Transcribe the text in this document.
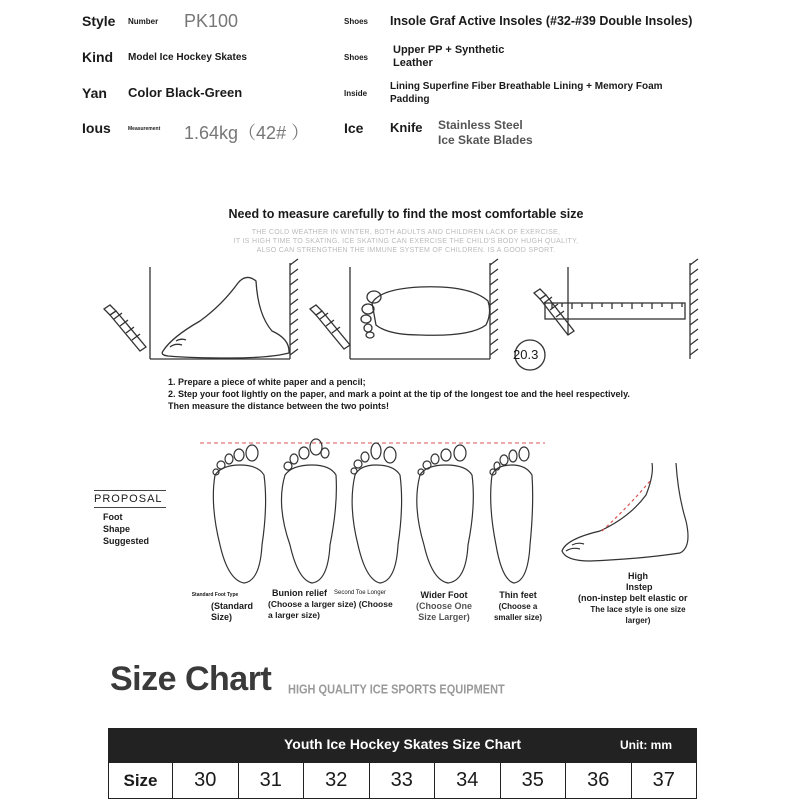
Style Number PK100
Kind Model Ice Hockey Skates
Yan Color Black-Green
Ious	Measurement 1.64kg（42# ）
Shoes Insole Graf Active Insoles (#32-#39 Double Insoles)
Shoes
Upper PP + Synthetic
Leather
Inside
Lining Superfine Fiber Breathable Lining + Memory Foam
Padding
Ice Knife Stainless Steel
Ice Skate Blades
Need to measure carefully to find the most comfortable size
THE COLD WEATHER IN WINTER, BOTH ADULTS AND CHILDREN LACK OF EXERCISE,
IT IS HIGH TIME TO SKATING. ICE SKATING CAN EXERCISE THE CHILD'S BODY HUGH QUALITY,
ALSO CAN STRENGTHEN THE IMMUNE SYSTEM OF CHILDREN. IS A GOOD SPORT.
20.3
1. Prepare a piece of white paper and a pencil;
2. Step your foot lightly on the paper, and mark a point at the tip of the longest toe and the heel respectively.
Then measure the distance between the two points!
PROPOSAL
Foot
Shape
Suggested
Standard Foot Type
(Standard
Size)
Bunion relief
(Choose a larger size) (Choose
a larger size)
Second Toe Longer	Wider Foot
(Choose One
Size Larger)
Thin feet
(Choose a
smaller size)
High
Instep
(non-instep belt elastic or
The lace style is one size
larger)
Size Chart HIGH QUALITY ICE SPORTS EQUIPMENT
Youth Ice Hockey Skates Size Chart	Unit: mm
Size	30	31	32	33	34	35	36	37
